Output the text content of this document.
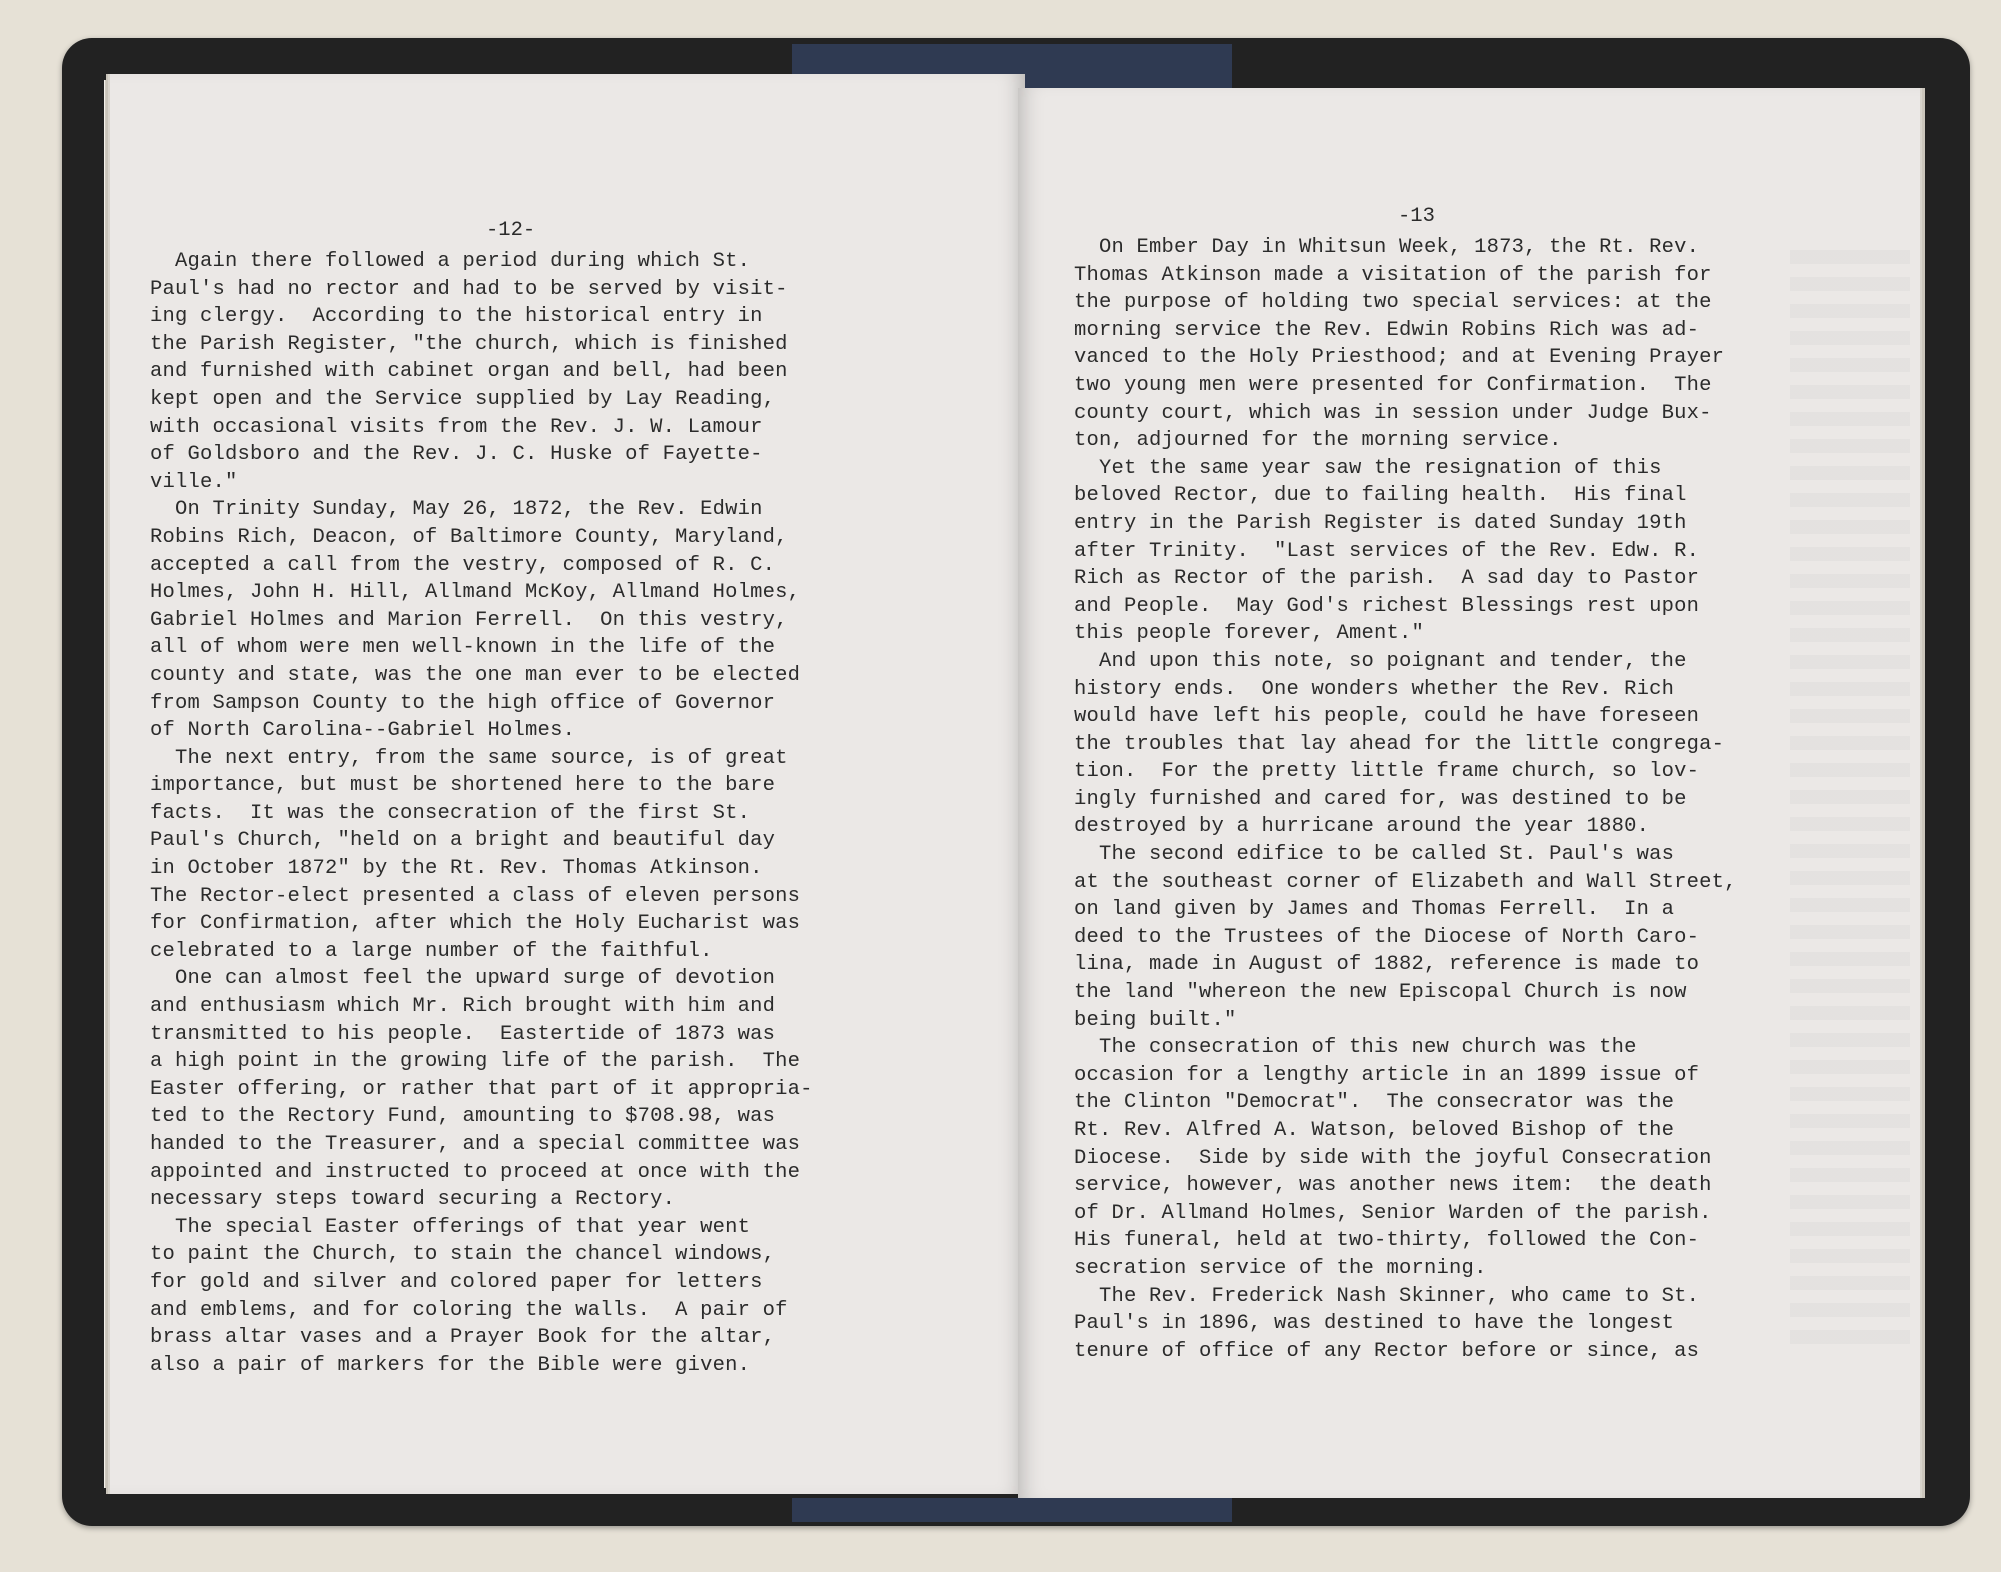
-12-
Again there followed a period during which St.
Paul's had no rector and had to be served by visit-
ing clergy.  According to the historical entry in
the Parish Register, "the church, which is finished
and furnished with cabinet organ and bell, had been
kept open and the Service supplied by Lay Reading,
with occasional visits from the Rev. J. W. Lamour
of Goldsboro and the Rev. J. C. Huske of Fayette-
ville."
On Trinity Sunday, May 26, 1872, the Rev. Edwin
Robins Rich, Deacon, of Baltimore County, Maryland,
accepted a call from the vestry, composed of R. C.
Holmes, John H. Hill, Allmand McKoy, Allmand Holmes,
Gabriel Holmes and Marion Ferrell.  On this vestry,
all of whom were men well-known in the life of the
county and state, was the one man ever to be elected
from Sampson County to the high office of Governor
of North Carolina--Gabriel Holmes.
The next entry, from the same source, is of great
importance, but must be shortened here to the bare
facts.  It was the consecration of the first St.
Paul's Church, "held on a bright and beautiful day
in October 1872" by the Rt. Rev. Thomas Atkinson.
The Rector-elect presented a class of eleven persons
for Confirmation, after which the Holy Eucharist was
celebrated to a large number of the faithful.
One can almost feel the upward surge of devotion
and enthusiasm which Mr. Rich brought with him and
transmitted to his people.  Eastertide of 1873 was
a high point in the growing life of the parish.  The
Easter offering, or rather that part of it appropria-
ted to the Rectory Fund, amounting to $708.98, was
handed to the Treasurer, and a special committee was
appointed and instructed to proceed at once with the
necessary steps toward securing a Rectory.
The special Easter offerings of that year went
to paint the Church, to stain the chancel windows,
for gold and silver and colored paper for letters
and emblems, and for coloring the walls.  A pair of
brass altar vases and a Prayer Book for the altar,
also a pair of markers for the Bible were given.
-13
On Ember Day in Whitsun Week, 1873, the Rt. Rev.
Thomas Atkinson made a visitation of the parish for
the purpose of holding two special services: at the
morning service the Rev. Edwin Robins Rich was ad-
vanced to the Holy Priesthood; and at Evening Prayer
two young men were presented for Confirmation.  The
county court, which was in session under Judge Bux-
ton, adjourned for the morning service.
Yet the same year saw the resignation of this
beloved Rector, due to failing health.  His final
entry in the Parish Register is dated Sunday 19th
after Trinity.  "Last services of the Rev. Edw. R.
Rich as Rector of the parish.  A sad day to Pastor
and People.  May God's richest Blessings rest upon
this people forever, Ament."
And upon this note, so poignant and tender, the
history ends.  One wonders whether the Rev. Rich
would have left his people, could he have foreseen
the troubles that lay ahead for the little congrega-
tion.  For the pretty little frame church, so lov-
ingly furnished and cared for, was destined to be
destroyed by a hurricane around the year 1880.
The second edifice to be called St. Paul's was
at the southeast corner of Elizabeth and Wall Street,
on land given by James and Thomas Ferrell.  In a
deed to the Trustees of the Diocese of North Caro-
lina, made in August of 1882, reference is made to
the land "whereon the new Episcopal Church is now
being built."
The consecration of this new church was the
occasion for a lengthy article in an 1899 issue of
the Clinton "Democrat".  The consecrator was the
Rt. Rev. Alfred A. Watson, beloved Bishop of the
Diocese.  Side by side with the joyful Consecration
service, however, was another news item:  the death
of Dr. Allmand Holmes, Senior Warden of the parish.
His funeral, held at two-thirty, followed the Con-
secration service of the morning.
The Rev. Frederick Nash Skinner, who came to St.
Paul's in 1896, was destined to have the longest
tenure of office of any Rector before or since, as
